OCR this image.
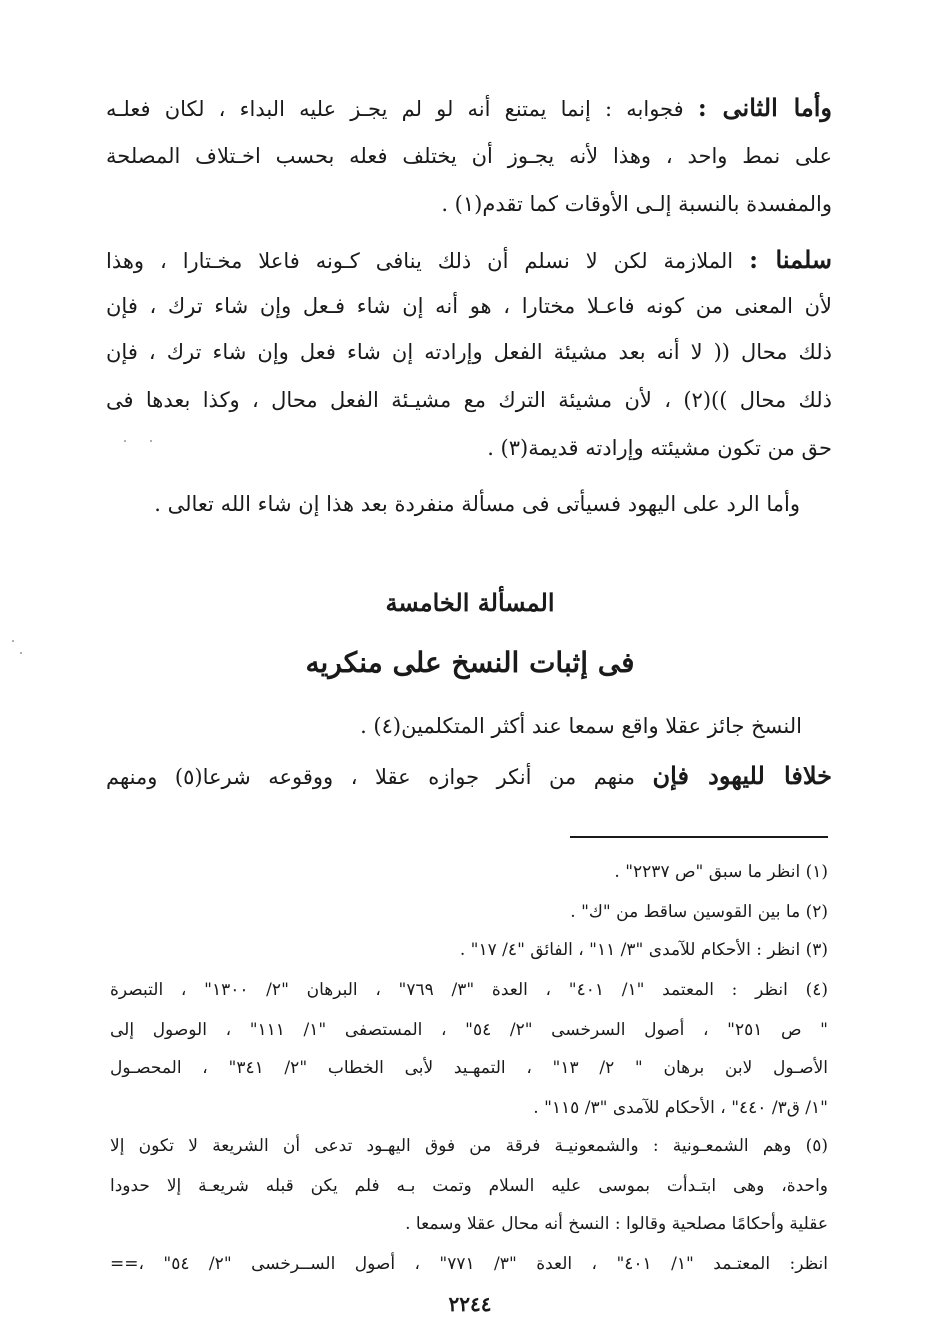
وأما الثانى : فجوابه : إنما يمتنع أنه لو لم يجـز عليه البداء ، لكان فعلـه
على نمط واحد ، وهذا لأنه يجـوز أن يختلف فعله بحسب اخـتلاف المصلحة
والمفسدة بالنسبة إلـى الأوقات كما تقدم(١) .
سلمنا : الملازمة لكن لا نسلم أن ذلك ينافى كـونه فاعلا مخـتارا ، وهذا
لأن المعنى من كونه فاعـلا مختارا ، هو أنه إن شاء فـعل وإن شاء ترك ، فإن
ذلك محال (( لا أنه بعد مشيئة الفعل وإرادته إن شاء فعل وإن شاء ترك ، فإن
ذلك محال ))(٢) ، لأن مشيئة الترك مع مشيـئة الفعل محال ، وكذا بعدها فى
حق من تكون مشيئته وإرادته قديمة(٣) .
وأما الرد على اليهود فسيأتى فى مسألة منفردة بعد هذا إن شاء الله تعالى .
المسألة الخامسة
فى إثبات النسخ على منكريه
النسخ جائز عقلا واقع سمعا عند أكثر المتكلمين(٤) .
خلافا لليهود فإن منهم من أنكر جوازه عقلا ، ووقوعه شرعا(٥) ومنهم
(١) انظر ما سبق "ص ٢٢٣٧" .
(٢) ما بين القوسين ساقط من "ك" .
(٣) انظر : الأحكام للآمدى "٣/ ١١" ، الفائق "٤/ ١٧" .
(٤) انظر : المعتمد "١/ ٤٠١" ، العدة "٣/ ٧٦٩" ، البرهان "٢/ ١٣٠٠" ، التبصرة
" ص ٢٥١" ، أصول السرخسى "٢/ ٥٤" ، المستصفى "١/ ١١١" ، الوصول إلى
الأصـول لابن برهان " ٢/ ١٣" ، التمهـيد لأبى الخطاب "٢/ ٣٤١" ، المحصـول
"١/ ق٣/ ٤٤٠" ، الأحكام للآمدى "٣/ ١١٥" .
(٥) وهم الشمعـونية : والشمعونيـة فرقة من فوق اليهـود تدعى أن الشريعة لا تكون إلا
واحدة، وهى ابتـدأت بموسى عليه السلام وتمت بـه فلم يكن قبله شريعـة إلا حدودا
عقلية وأحكامًا مصلحية وقالوا : النسخ أنه محال عقلا وسمعا .
انظر: المعتـمد "١/ ٤٠١" ، العدة "٣/ ٧٧١" ، أصول الســرخسى "٢/ ٥٤" ،==
٢٢٤٤
